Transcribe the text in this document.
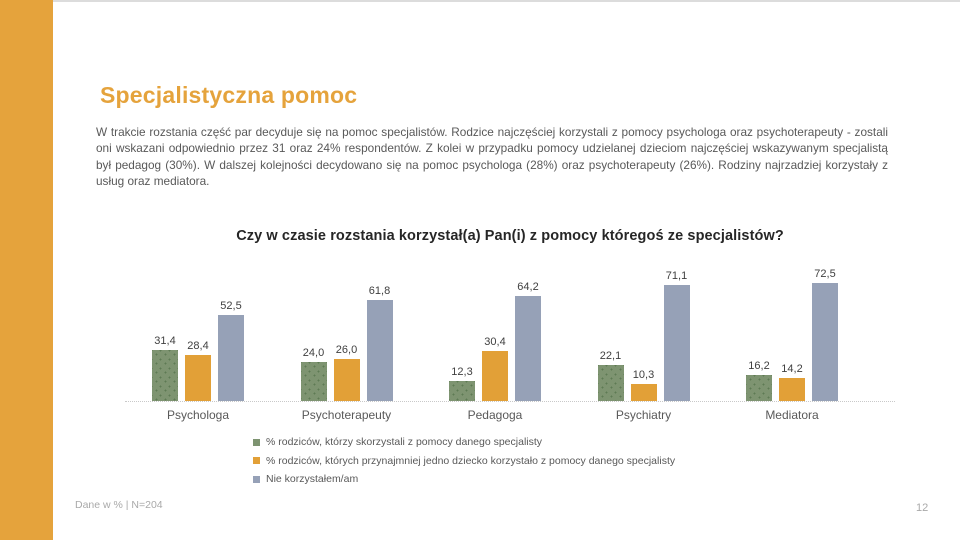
Specjalistyczna pomoc

W trakcie rozstania część par decyduje się na pomoc specjalistów. Rodzice najczęściej korzystali z pomocy psychologa oraz psychoterapeuty - zostali oni wskazani odpowiednio przez 31 oraz 24% respondentów. Z kolei w przypadku pomocy udzielanej dzieciom najczęściej wskazywanym specjalistą był pedagog (30%). W dalszej kolejności decydowano się na pomoc psychologa (28%) oraz psychoterapeuty (26%). Rodziny najrzadziej korzystały z usług oraz mediatora.

Czy w czasie rozstania korzystał(a) Pan(i) z pomocy któregoś ze specjalistów?
31,4	28,4
52,5
24,0	26,0
61,8
12,3
30,4
64,2
22,1
10,3
71,1
16,2	14,2
72,5
Psychologa	Psychoterapeuty	Pedagoga	Psychiatry	Mediatora
% rodziców, którzy skorzystali z pomocy danego specjalisty
% rodziców, których przynajmniej jedno dziecko korzystało z pomocy danego specjalisty
Nie korzystałem/am
Dane w % | N=204	12
